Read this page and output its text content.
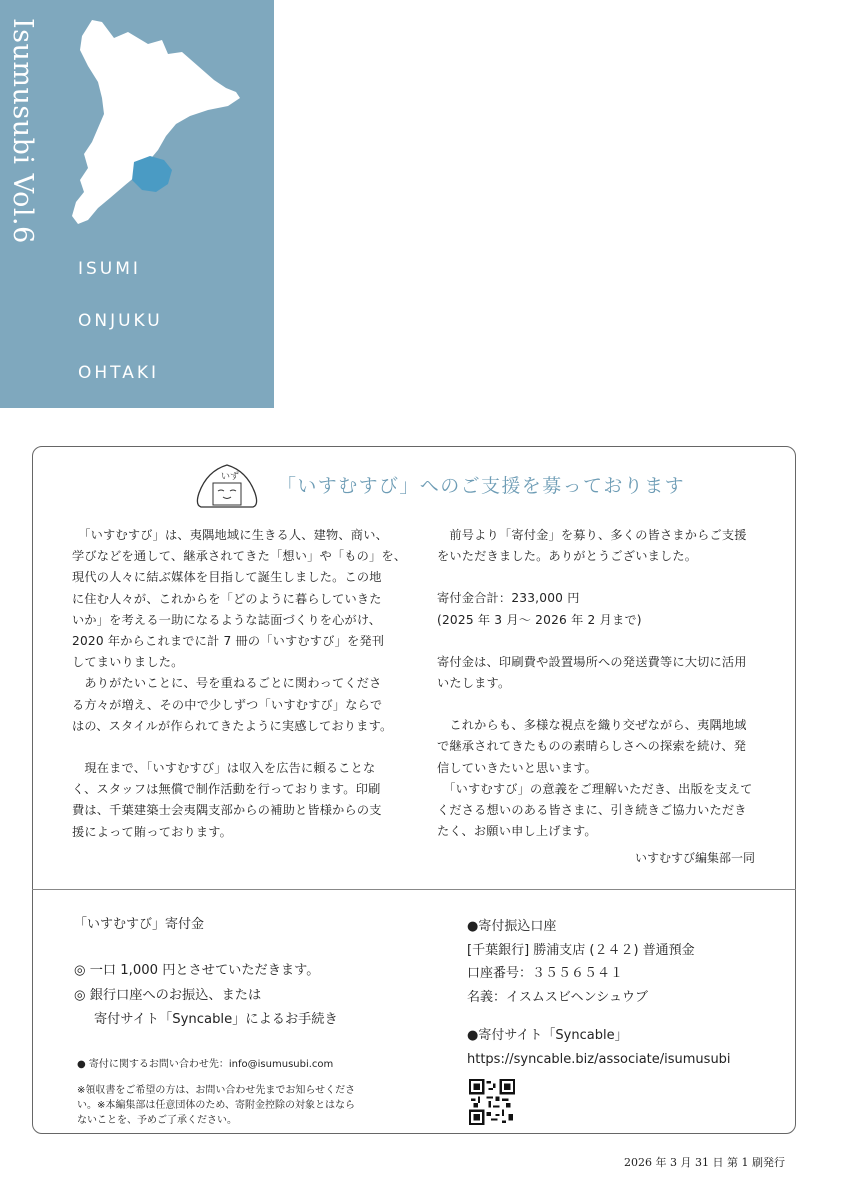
Isumusubi Vol.6
ISUMI
ONJUKU
OHTAKI
KATSUURA
いず 「いすむすび」へのご支援を募っております

　「いすむすび」は、夷隅地域に生きる人、建物、商い、

学びなどを通して、継承されてきた「想い」や「もの」を、

現代の人々に結ぶ媒体を目指して誕生しました。この地

に住む人々が、これからを「どのように暮らしていきた

いか」を考える一助になるような誌面づくりを心がけ、

2020 年からこれまでに計 7 冊の「いすむすび」を発刊

してまいりました。

　ありがたいことに、号を重ねるごとに関わってくださ

る方々が増え、その中で少しずつ「いすむすび」ならで

はの、スタイルが作られてきたように実感しております。

　現在まで、「いすむすび」は収入を広告に頼ることな

く、スタッフは無償で制作活動を行っております。印刷

費は、千葉建築士会夷隅支部からの補助と皆様からの支

援によって賄っております。

　前号より「寄付金」を募り、多くの皆さまからご支援

をいただきました。ありがとうございました。

寄付金合計：233,000 円

(2025 年 3 月～ 2026 年 2 月まで)

寄付金は、印刷費や設置場所への発送費等に大切に活用

いたします。

　これからも、多様な視点を織り交ぜながら、夷隅地域

で継承されてきたものの素晴らしさへの探索を続け、発

信していきたいと思います。

　「いすむすび」の意義をご理解いただき、出版を支えて

くださる想いのある皆さまに、引き続きご協力いただき

たく、お願い申し上げます。

いすむすび編集部一同
「いすむすび」寄付金

◎ 一口 1,000 円とさせていただきます。

◎ 銀行口座へのお振込、または

寄付サイト「Syncable」によるお手続き

● 寄付に関するお問い合わせ先：info@isumusubi.com

※領収書をご希望の方は、お問い合わせ先までお知らせくださ

い。※本編集部は任意団体のため、寄附金控除の対象とはなら

ないことを、予めご了承ください。

●寄付振込口座

[千葉銀行] 勝浦支店 (２４２) 普通預金

口座番号：３５５６５４１

名義：イスムスビヘンシュウブ

●寄付サイト「Syncable」

https://syncable.biz/associate/isumusubi

2026 年 3 月 31 日 第 1 刷発行
